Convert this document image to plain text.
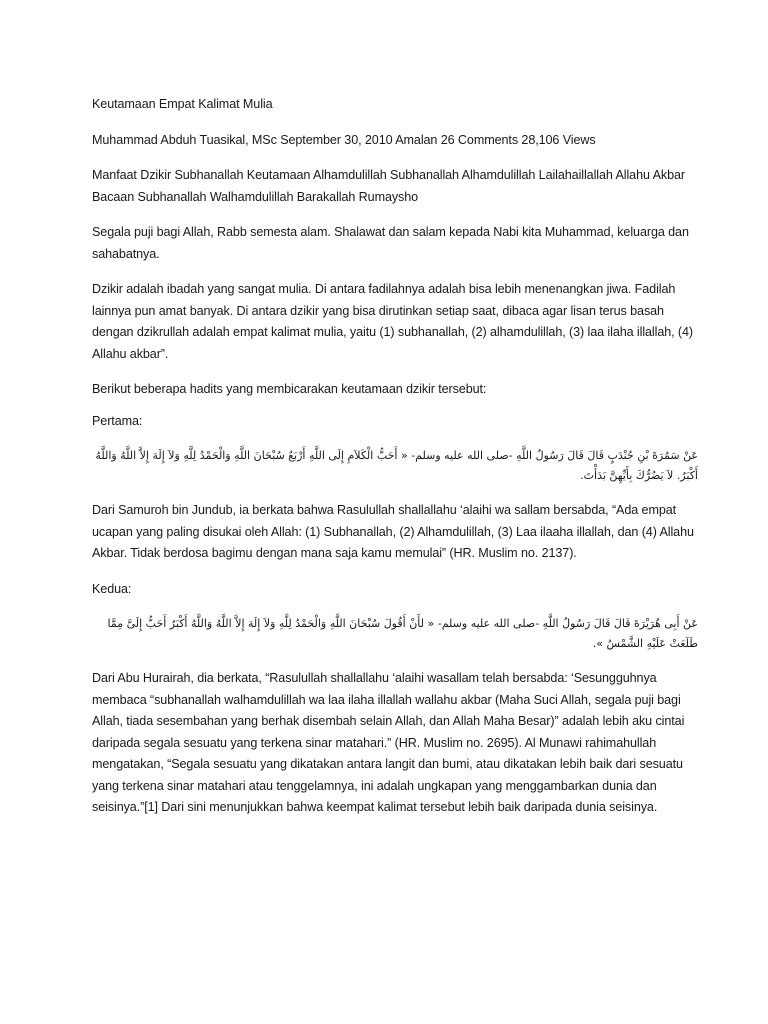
Keutamaan Empat Kalimat Mulia

Muhammad Abduh Tuasikal, MSc September 30, 2010 Amalan 26 Comments 28,106 Views

Manfaat Dzikir Subhanallah Keutamaan Alhamdulillah Subhanallah Alhamdulillah Lailahaillallah Allahu Akbar Bacaan Subhanallah Walhamdulillah Barakallah Rumaysho

Segala puji bagi Allah, Rabb semesta alam. Shalawat dan salam kepada Nabi kita Muhammad, keluarga dan sahabatnya.

Dzikir adalah ibadah yang sangat mulia. Di antara fadilahnya adalah bisa lebih menenangkan jiwa. Fadilah lainnya pun amat banyak. Di antara dzikir yang bisa dirutinkan setiap saat, dibaca agar lisan terus basah dengan dzikrullah adalah empat kalimat mulia, yaitu (1) subhanallah, (2) alhamdulillah, (3) laa ilaha illallah, (4) Allahu akbar”.

Berikut beberapa hadits yang membicarakan keutamaan dzikir tersebut:

Pertama:

عَنْ سَمُرَةَ بْنِ جُنْدَبٍ قَالَ قَالَ رَسُولُ اللَّهِ -صلى الله عليه وسلم- « أَحَبُّ الْكَلاَمِ إِلَى اللَّهِ أَرْبَعٌ سُبْحَانَ اللَّهِ وَالْحَمْدُ لِلَّهِ وَلاَ إِلَهَ إِلاَّ اللَّهُ وَاللَّهُ أَكْبَرُ. لاَ يَضُرُّكَ بِأَيِّهِنَّ بَدَأْتَ.

Dari Samuroh bin Jundub, ia berkata bahwa Rasulullah shallallahu ‘alaihi wa sallam bersabda, “Ada empat ucapan yang paling disukai oleh Allah: (1) Subhanallah, (2) Alhamdulillah, (3) Laa ilaaha illallah, dan (4) Allahu Akbar. Tidak berdosa bagimu dengan mana saja kamu memulai” (HR. Muslim no. 2137).

Kedua:

عَنْ أَبِى هُرَيْرَةَ قَالَ قَالَ رَسُولُ اللَّهِ -صلى الله عليه وسلم- « لأَنْ أَقُولَ سُبْحَانَ اللَّهِ وَالْحَمْدُ لِلَّهِ وَلاَ إِلَهَ إِلاَّ اللَّهُ وَاللَّهُ أَكْبَرُ أَحَبُّ إِلَىَّ مِمَّا طَلَعَتْ عَلَيْهِ الشَّمْسُ ».

Dari Abu Hurairah, dia berkata, “Rasulullah shallallahu ‘alaihi wasallam telah bersabda: ‘Sesungguhnya membaca “subhanallah walhamdulillah wa laa ilaha illallah wallahu akbar (Maha Suci Allah, segala puji bagi Allah, tiada sesembahan yang berhak disembah selain Allah, dan Allah Maha Besar)” adalah lebih aku cintai daripada segala sesuatu yang terkena sinar matahari.” (HR. Muslim no. 2695). Al Munawi rahimahullah mengatakan, “Segala sesuatu yang dikatakan antara langit dan bumi, atau dikatakan lebih baik dari sesuatu yang terkena sinar matahari atau tenggelamnya, ini adalah ungkapan yang menggambarkan dunia dan seisinya.”[1] Dari sini menunjukkan bahwa keempat kalimat tersebut lebih baik daripada dunia seisinya.
